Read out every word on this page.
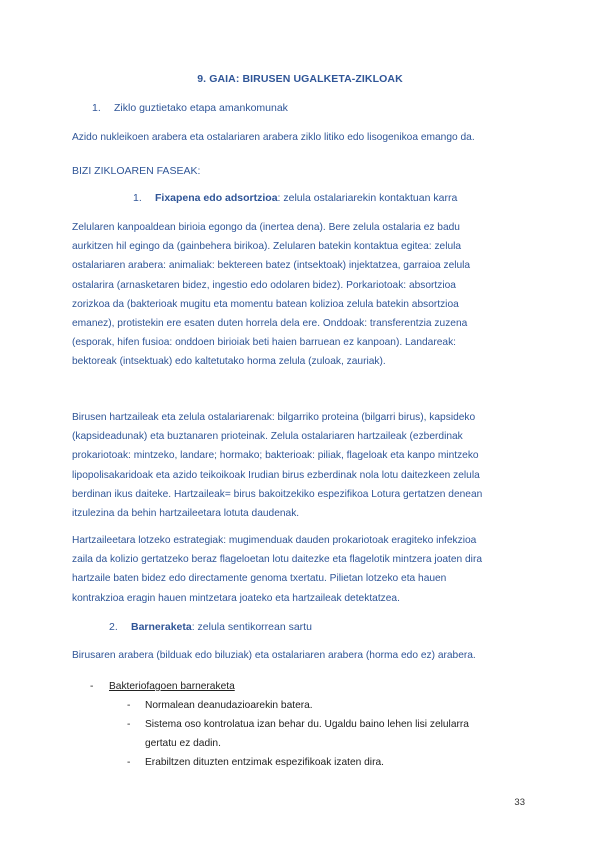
9. GAIA: BIRUSEN UGALKETA-ZIKLOAK
1. Ziklo guztietako etapa amankomunak
Azido nukleikoen arabera eta ostalariaren arabera ziklo litiko edo lisogenikoa emango da.
BIZI ZIKLOAREN FASEAK:
1. Fixapena edo adsortzioa: zelula ostalariarekin kontaktuan karra
Zelularen kanpoaldean birioia egongo da (inertea dena). Bere zelula ostalaria ez badu
aurkitzen hil egingo da (gainbehera birikoa). Zelularen batekin kontaktua egitea: zelula
ostalariaren arabera: animaliak: bektereen batez (intsektoak) injektatzea, garraioa zelula
ostalarira (arnasketaren bidez, ingestio edo odolaren bidez). Porkariotoak: absortzioa
zorizkoa da (bakterioak mugitu eta momentu batean kolizioa zelula batekin absortzioa
emanez), protistekin ere esaten duten horrela dela ere. Onddoak: transferentzia zuzena
(esporak, hifen fusioa: onddoen birioiak beti haien barruean ez kanpoan). Landareak:
bektoreak (intsektuak) edo kaltetutako horma zelula (zuloak, zauriak).
Birusen hartzaileak eta zelula ostalariarenak: bilgarriko proteina (bilgarri birus), kapsideko
(kapsideadunak) eta buztanaren prioteinak. Zelula ostalariaren hartzaileak (ezberdinak
prokariotoak: mintzeko, landare; hormako; bakterioak: piliak, flageloak eta kanpo mintzeko
lipopolisakaridoak eta azido teikoikoak Irudian birus ezberdinak nola lotu daitezkeen zelula
berdinan ikus daiteke. Hartzaileak= birus bakoitzekiko espezifikoa Lotura gertatzen denean
itzulezina da behin hartzaileetara lotuta daudenak.
Hartzaileetara lotzeko estrategiak: mugimenduak dauden prokariotoak eragiteko infekzioa
zaila da kolizio gertatzeko beraz flageloetan lotu daitezke eta flagelotik mintzera joaten dira
hartzaile baten bidez edo directamente genoma txertatu. Pilietan lotzeko eta hauen
kontrakzioa eragin hauen mintzetara joateko eta hartzaileak detektatzea.
2. Barneraketa: zelula sentikorrean sartu
Birusaren arabera (bilduak edo biluziak) eta ostalariaren arabera (horma edo ez) arabera.
- Bakteriofagoen barneraketa
- Normalean deanudazioarekin batera.
- Sistema oso kontrolatua izan behar du. Ugaldu baino lehen lisi zelularra
gertatu ez dadin.
- Erabiltzen dituzten entzimak espezifikoak izaten dira.
33
